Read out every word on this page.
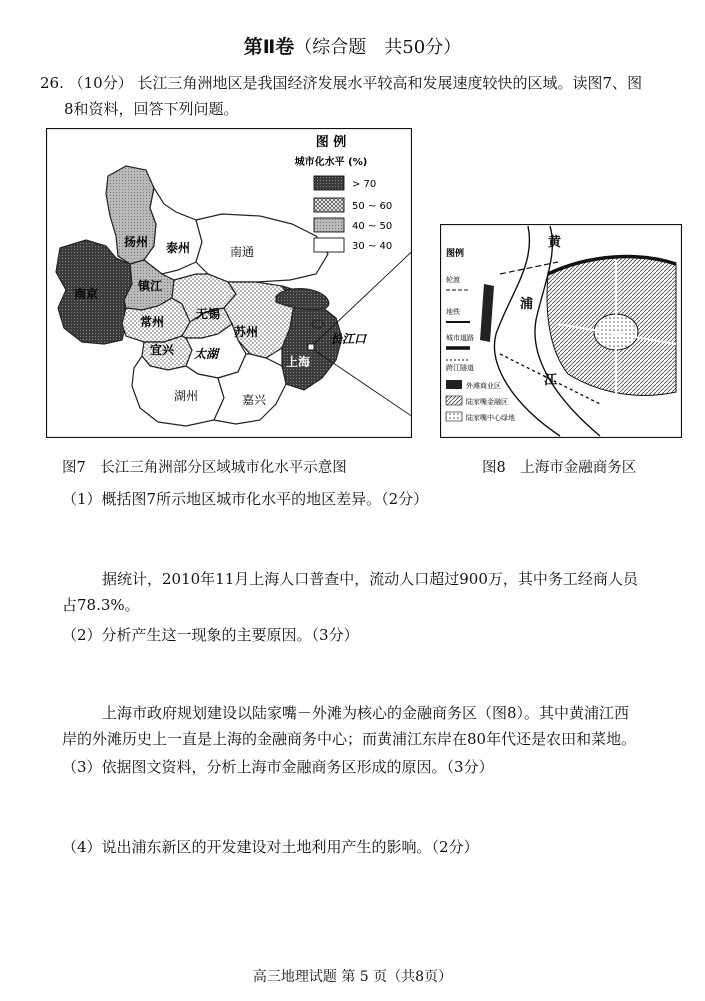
第Ⅱ卷（综合题　共50分）
26. （10分） 长江三角洲地区是我国经济发展水平较高和发展速度较快的区域。读图7、图
8和资料，回答下列问题。
图 例
城市化水平 (%)
> 70
50 ~ 60
40 ~ 50
30 ~ 40
扬州 泰州	南通
南京
镇江
常州
无锡
苏州
宜兴 太湖
上海
湖州	嘉兴
长江口
黄
浦
江
图例
轮渡
地铁
城市道路
跨江隧道
外滩商业区
陆家嘴金融区
陆家嘴中心绿地
图7　长江三角洲部分区域城市化水平示意图	图8　上海市金融商务区
（1）概括图7所示地区城市化水平的地区差异。（2分）
据统计，2010年11月上海人口普查中，流动人口超过900万，其中务工经商人员
占78.3%。
（2）分析产生这一现象的主要原因。（3分）
上海市政府规划建设以陆家嘴－外滩为核心的金融商务区（图8）。其中黄浦江西
岸的外滩历史上一直是上海的金融商务中心；而黄浦江东岸在80年代还是农田和菜地。
（3）依据图文资料，分析上海市金融商务区形成的原因。（3分）
（4）说出浦东新区的开发建设对土地利用产生的影响。（2分）
高三地理试题 第 5 页（共8页）
